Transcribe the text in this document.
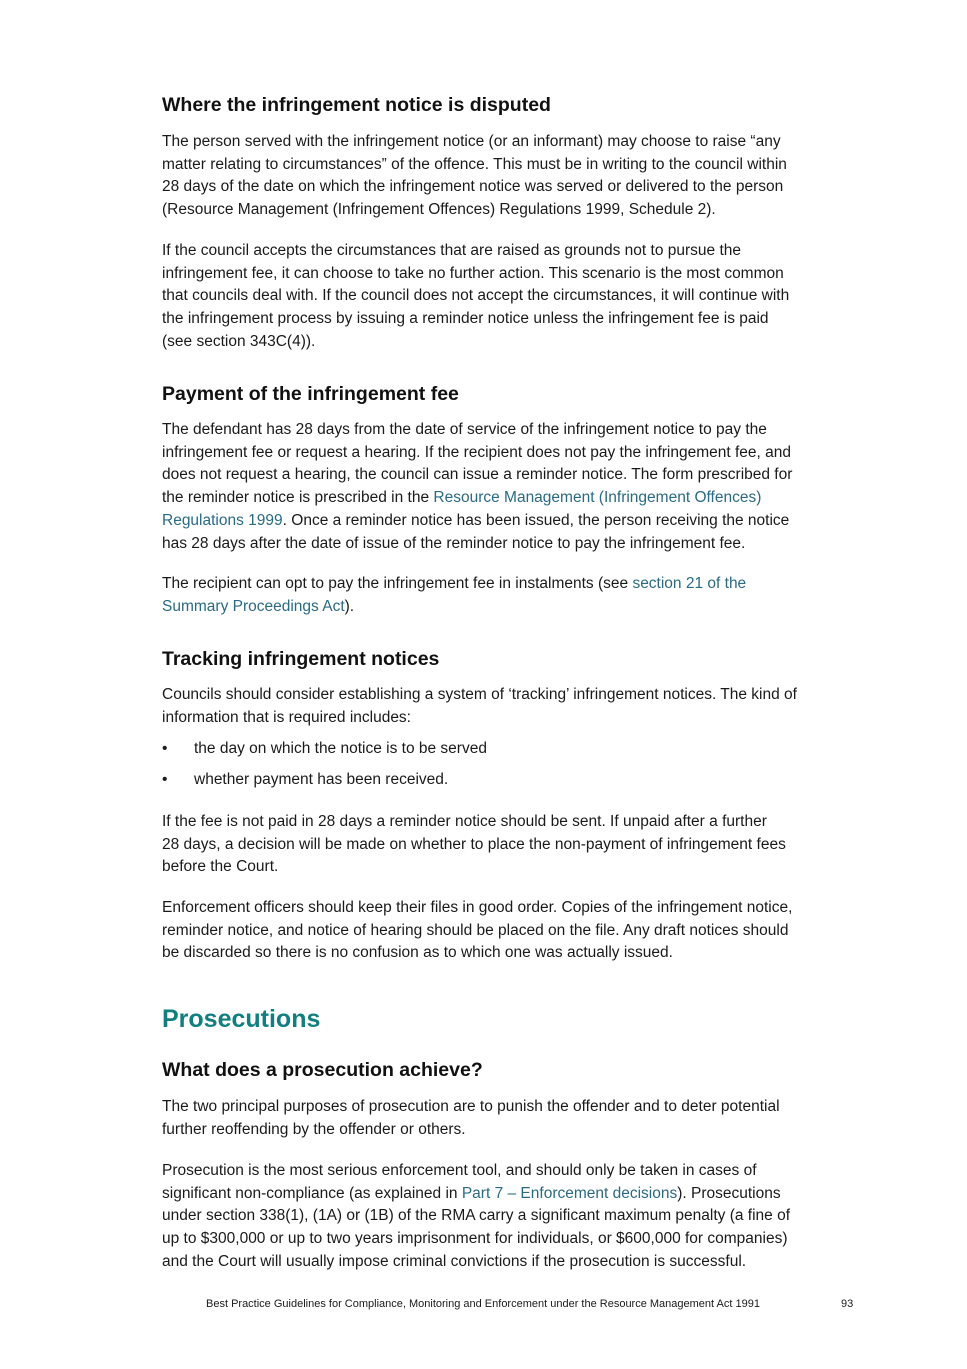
Where the infringement notice is disputed

The person served with the infringement notice (or an informant) may choose to raise “any
matter relating to circumstances” of the offence. This must be in writing to the council within
28 days of the date on which the infringement notice was served or delivered to the person
(Resource Management (Infringement Offences) Regulations 1999, Schedule 2).

If the council accepts the circumstances that are raised as grounds not to pursue the
infringement fee, it can choose to take no further action. This scenario is the most common
that councils deal with. If the council does not accept the circumstances, it will continue with
the infringement process by issuing a reminder notice unless the infringement fee is paid
(see section 343C(4)).

Payment of the infringement fee

The defendant has 28 days from the date of service of the infringement notice to pay the
infringement fee or request a hearing. If the recipient does not pay the infringement fee, and
does not request a hearing, the council can issue a reminder notice. The form prescribed for
the reminder notice is prescribed in the Resource Management (Infringement Offences)
Regulations 1999. Once a reminder notice has been issued, the person receiving the notice
has 28 days after the date of issue of the reminder notice to pay the infringement fee.

The recipient can opt to pay the infringement fee in instalments (see section 21 of the
Summary Proceedings Act).

Tracking infringement notices

Councils should consider establishing a system of ‘tracking’ infringement notices. The kind of
information that is required includes:

•	the day on which the notice is to be served
•	whether payment has been received.

If the fee is not paid in 28 days a reminder notice should be sent. If unpaid after a further
28 days, a decision will be made on whether to place the non-payment of infringement fees
before the Court.

Enforcement officers should keep their files in good order. Copies of the infringement notice,
reminder notice, and notice of hearing should be placed on the file. Any draft notices should
be discarded so there is no confusion as to which one was actually issued.

Prosecutions
What does a prosecution achieve?

The two principal purposes of prosecution are to punish the offender and to deter potential
further reoffending by the offender or others.

Prosecution is the most serious enforcement tool, and should only be taken in cases of
significant non-compliance (as explained in Part 7 – Enforcement decisions). Prosecutions
under section 338(1), (1A) or (1B) of the RMA carry a significant maximum penalty (a fine of
up to $300,000 or up to two years imprisonment for individuals, or $600,000 for companies)
and the Court will usually impose criminal convictions if the prosecution is successful.

Best Practice Guidelines for Compliance, Monitoring and Enforcement under the Resource Management Act 1991	93
